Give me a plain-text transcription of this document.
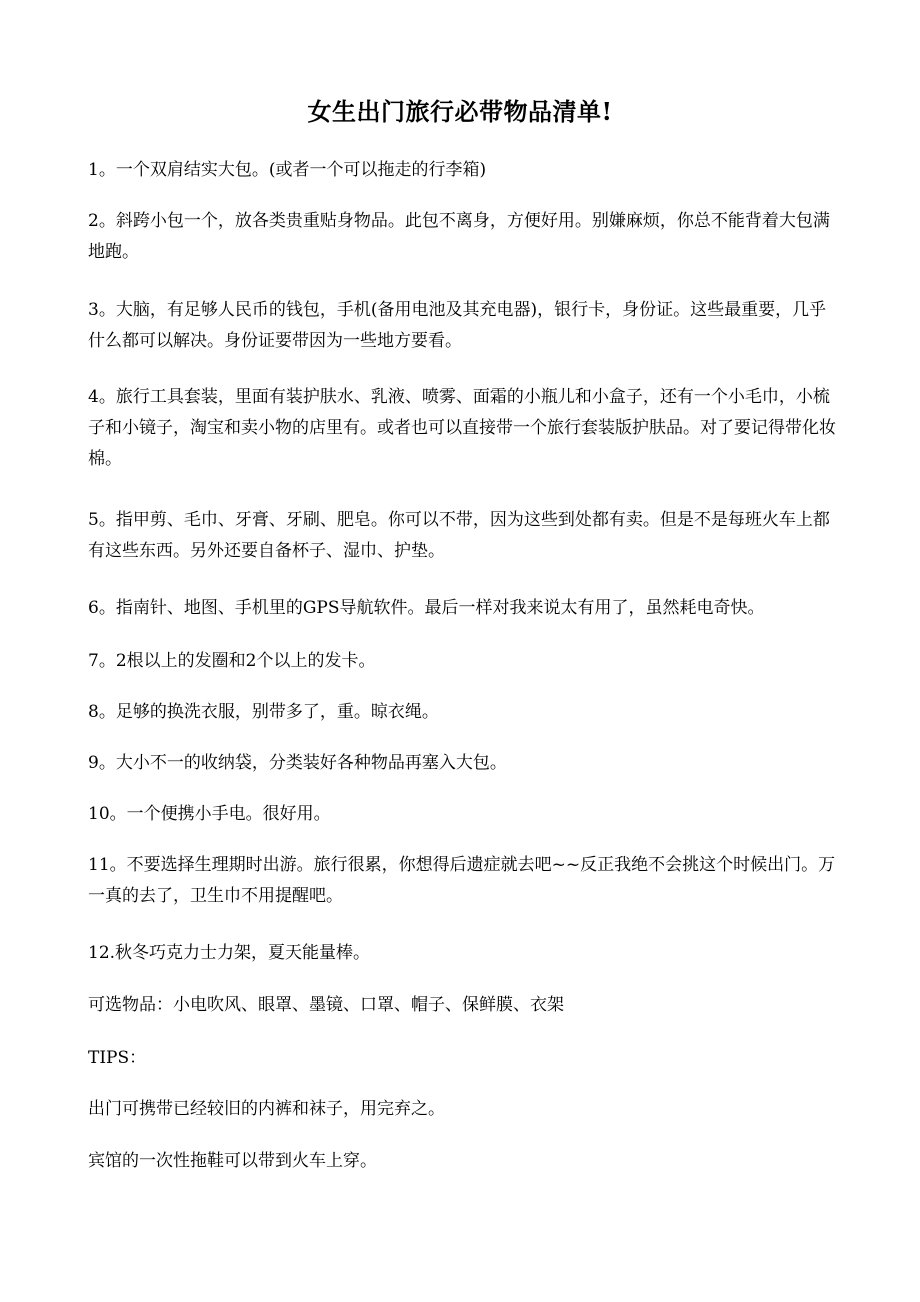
女生出门旅行必带物品清单!

1。一个双肩结实大包。(或者一个可以拖走的行李箱)

2。斜跨小包一个，放各类贵重贴身物品。此包不离身，方便好用。别嫌麻烦，你总不能背着大包满地跑。

3。大脑，有足够人民币的钱包，手机(备用电池及其充电器)，银行卡，身份证。这些最重要，几乎什么都可以解决。身份证要带因为一些地方要看。

4。旅行工具套装，里面有装护肤水、乳液、喷雾、面霜的小瓶儿和小盒子，还有一个小毛巾，小梳子和小镜子，淘宝和卖小物的店里有。或者也可以直接带一个旅行套装版护肤品。对了要记得带化妆棉。

5。指甲剪、毛巾、牙膏、牙刷、肥皂。你可以不带，因为这些到处都有卖。但是不是每班火车上都有这些东西。另外还要自备杯子、湿巾、护垫。

6。指南针、地图、手机里的GPS导航软件。最后一样对我来说太有用了，虽然耗电奇快。

7。2根以上的发圈和2个以上的发卡。

8。足够的换洗衣服，别带多了，重。晾衣绳。

9。大小不一的收纳袋，分类装好各种物品再塞入大包。

10。一个便携小手电。很好用。

11。不要选择生理期时出游。旅行很累，你想得后遗症就去吧~~反正我绝不会挑这个时候出门。万一真的去了，卫生巾不用提醒吧。

12.秋冬巧克力士力架，夏天能量棒。

可选物品：小电吹风、眼罩、墨镜、口罩、帽子、保鲜膜、衣架

TIPS：

出门可携带已经较旧的内裤和袜子，用完弃之。

宾馆的一次性拖鞋可以带到火车上穿。
